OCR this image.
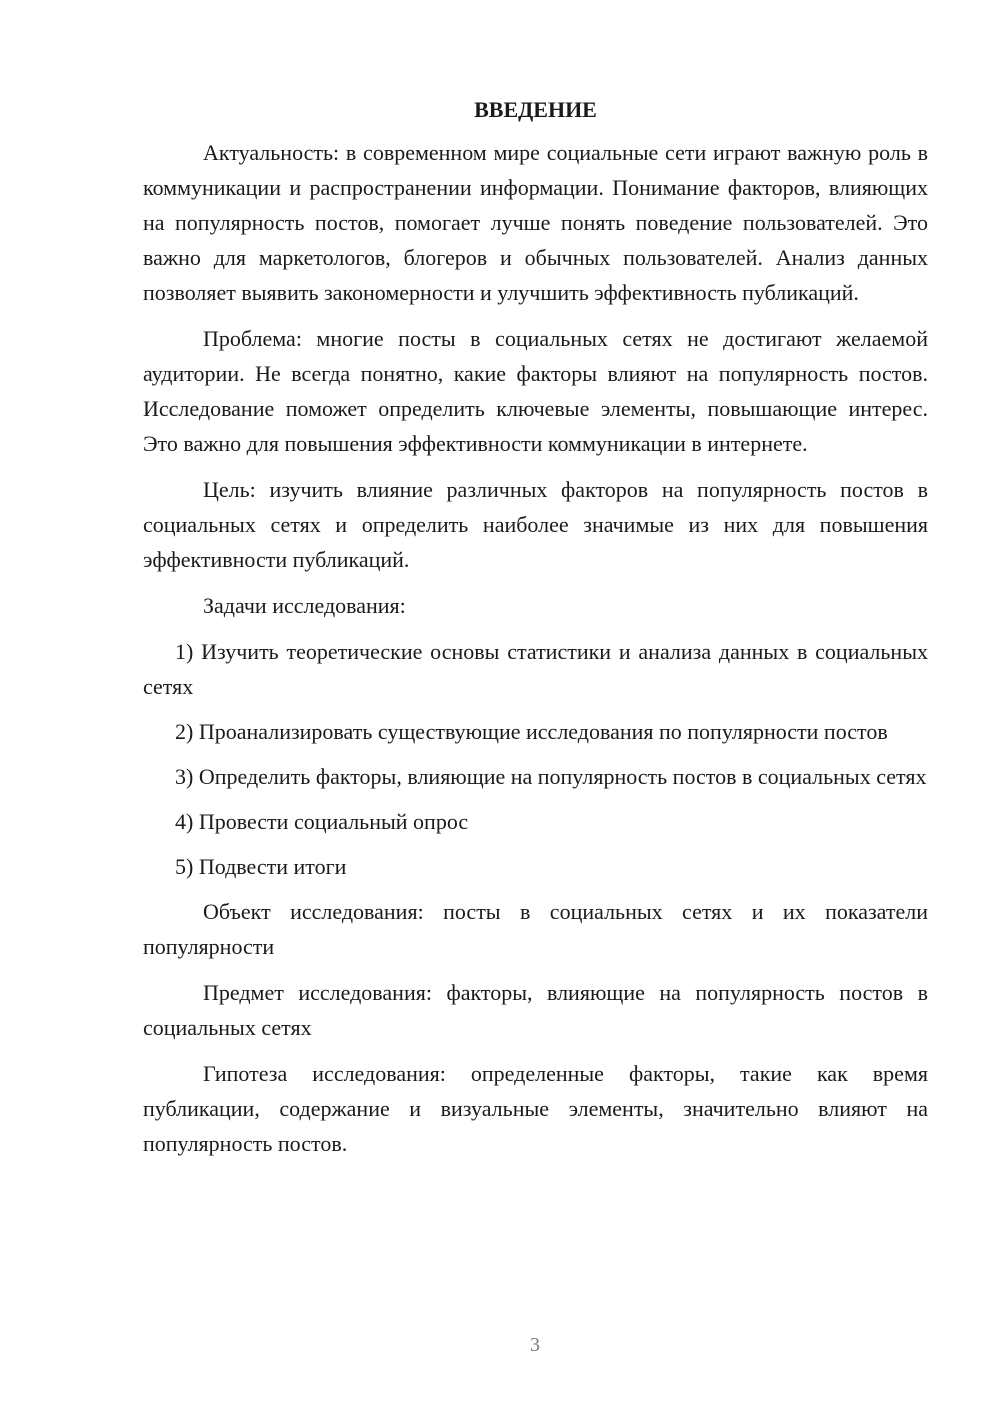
ВВЕДЕНИЕ

Актуальность: в современном мире социальные сети играют важную роль в коммуникации и распространении информации. Понимание факторов, влияющих на популярность постов, помогает лучше понять поведение пользователей. Это важно для маркетологов, блогеров и обычных пользователей. Анализ данных позволяет выявить закономерности и улучшить эффективность публикаций.

Проблема: многие посты в социальных сетях не достигают желаемой аудитории. Не всегда понятно, какие факторы влияют на популярность постов. Исследование поможет определить ключевые элементы, повышающие интерес. Это важно для повышения эффективности коммуникации в интернете.

Цель: изучить влияние различных факторов на популярность постов в социальных сетях и определить наиболее значимые из них для повышения эффективности публикаций.

Задачи исследования:

1) Изучить теоретические основы статистики и анализа данных в социальных сетях

2) Проанализировать существующие исследования по популярности постов

3) Определить факторы, влияющие на популярность постов в социальных сетях

4) Провести социальный опрос

5) Подвести итоги

Объект исследования: посты в социальных сетях и их показатели популярности

Предмет исследования: факторы, влияющие на популярность постов в социальных сетях

Гипотеза исследования: определенные факторы, такие как время публикации, содержание и визуальные элементы, значительно влияют на популярность постов.

3
